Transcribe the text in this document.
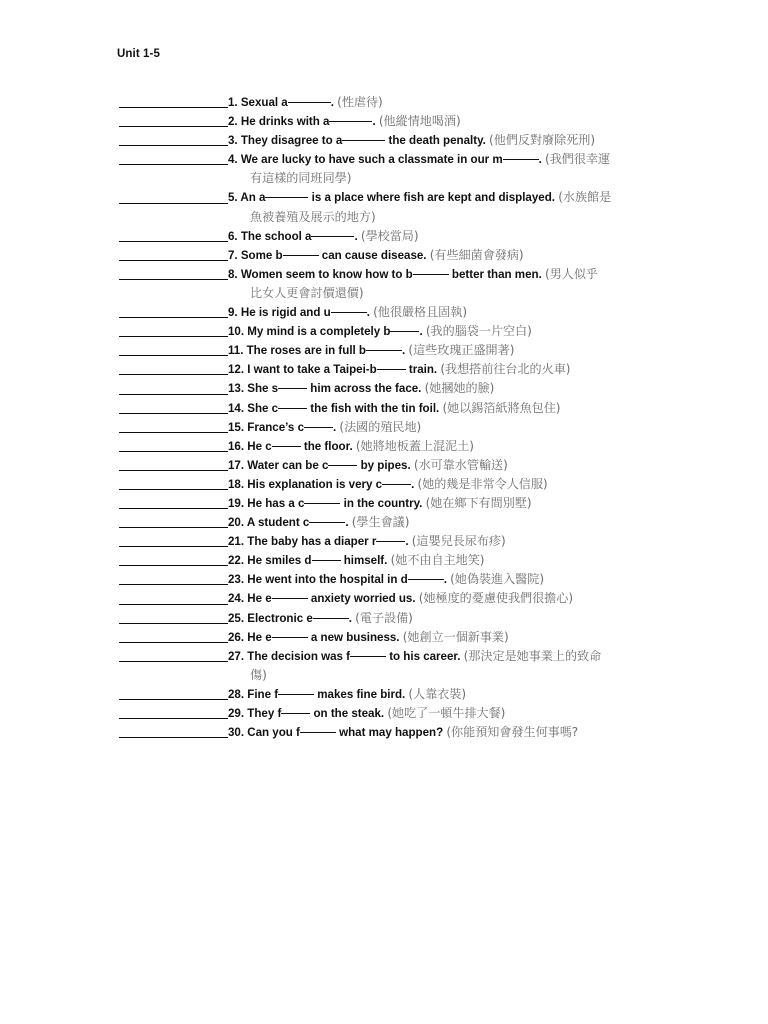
Unit 1-5
1. Sexual a	. (性虐待)
2. He drinks with a	. (他縱情地喝酒)
3. They disagree to a	the death penalty. (他們反對廢除死刑)
4. We are lucky to have such a classmate in our m	. (我們很幸運
有這樣的同班同學)
5. An a	is a place where fish are kept and displayed. (水族館是
魚被養殖及展示的地方)
6. The school a	. (學校當局)
7. Some b	can cause disease. (有些細菌會發病)
8. Women seem to know how to b	better than men. (男人似乎
比女人更會討價還價)
9. He is rigid and u	. (他很嚴格且固執)
10. My mind is a completely b	. (我的腦袋一片空白)
11. The roses are in full b	. (這些玫瑰正盛開著)
12. I want to take a Taipei-b	train. (我想搭前往台北的火車)
13. She s	him across the face. (她摑她的臉)
14. She c	the fish with the tin foil. (她以錫箔紙將魚包住)
15. France’s c	. (法國的殖民地)
16. He c	the floor. (她將地板蓋上混泥土)
17. Water can be c	by pipes. (水可靠水管輸送)
18. His explanation is very c	. (她的幾是非常令人信服)
19. He has a c	in the country. (她在鄉下有間別墅)
20. A student c	. (學生會議)
21. The baby has a diaper r	. (這嬰兒長尿布疹)
22. He smiles d	himself. (她不由自主地笑)
23. He went into the hospital in d	. (她偽裝進入醫院)
24. He e	anxiety worried us. (她極度的憂慮使我們很擔心)
25. Electronic e	. (電子設備)
26. He e	a new business. (她創立一個新事業)
27. The decision was f	to his career. (那決定是她事業上的致命
傷)
28. Fine f	makes fine bird. (人靠衣裝)
29. They f	on the steak. (她吃了一頓牛排大餐)
30. Can you f	what may happen? (你能預知會發生何事嗎?
